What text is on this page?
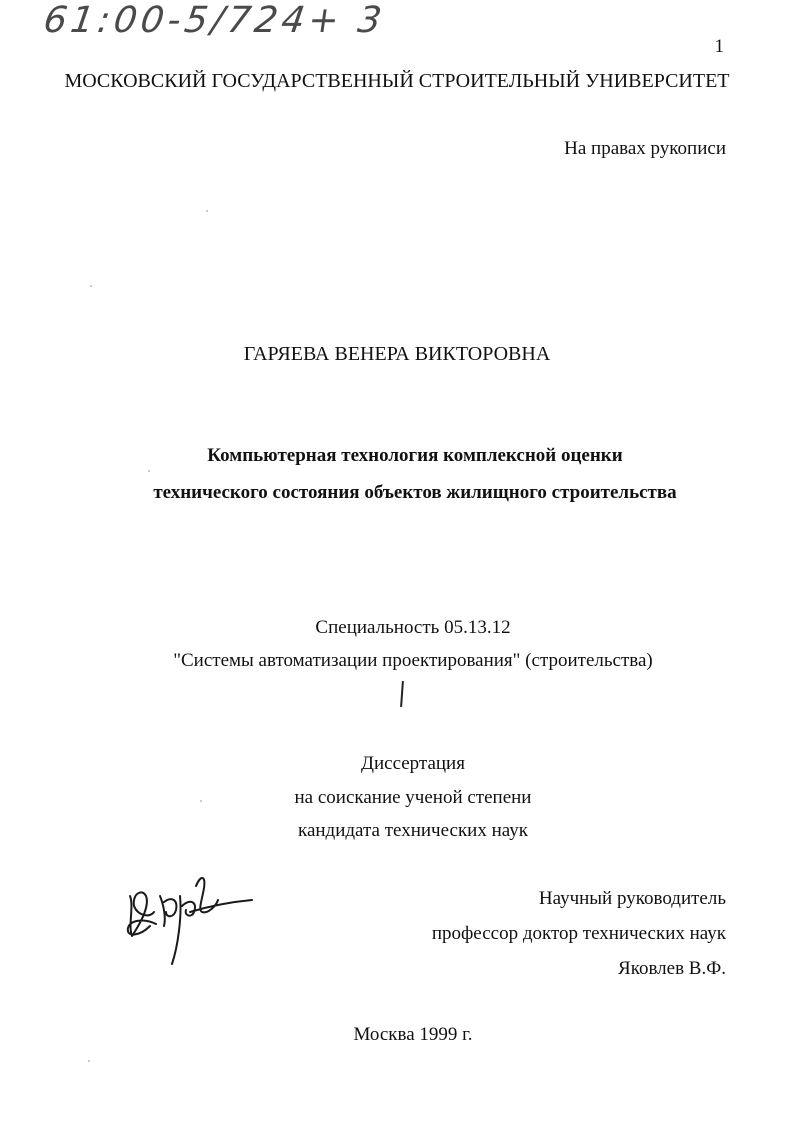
61:00-5/724+ 3
1
МОСКОВСКИЙ ГОСУДАРСТВЕННЫЙ СТРОИТЕЛЬНЫЙ УНИВЕРСИТЕТ
На правах рукописи
ГАРЯЕВА ВЕНЕРА ВИКТОРОВНА
Компьютерная технология комплексной оценки
технического состояния объектов жилищного строительства
Специальность 05.13.12
"Системы автоматизации проектирования" (строительства)
Диссертация
на соискание ученой степени
кандидата технических наук
Научный руководитель
профессор доктор технических наук
Яковлев В.Ф.
Москва 1999 г.
